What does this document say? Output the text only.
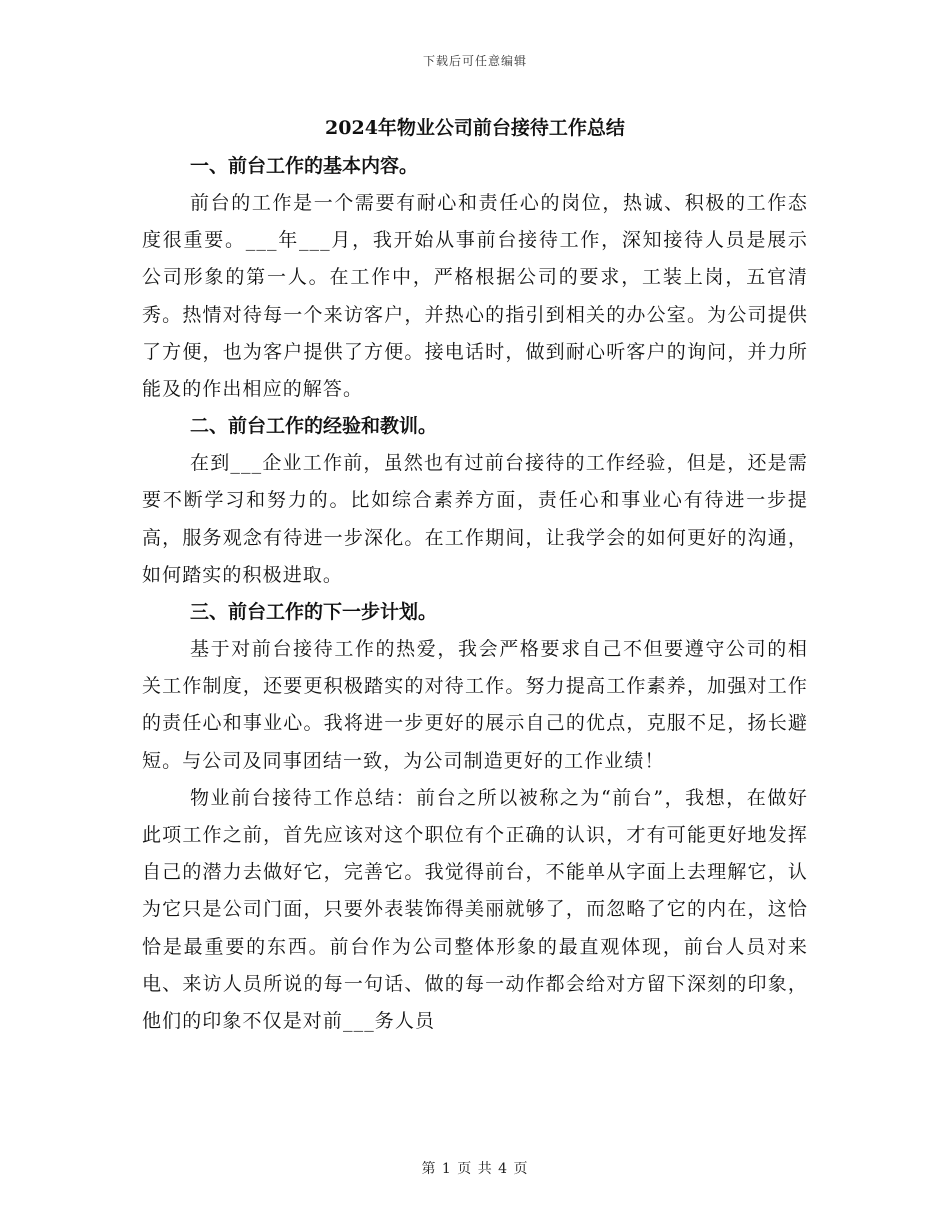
下载后可任意编辑
2024年物业公司前台接待工作总结
一、前台工作的基本内容。

前台的工作是一个需要有耐心和责任心的岗位，热诚、积极的工作态度很重要。___年___月，我开始从事前台接待工作，深知接待人员是展示公司形象的第一人。在工作中，严格根据公司的要求，工装上岗，五官清秀。热情对待每一个来访客户，并热心的指引到相关的办公室。为公司提供了方便，也为客户提供了方便。接电话时，做到耐心听客户的询问，并力所能及的作出相应的解答。

二、前台工作的经验和教训。

在到___企业工作前，虽然也有过前台接待的工作经验，但是，还是需要不断学习和努力的。比如综合素养方面，责任心和事业心有待进一步提高，服务观念有待进一步深化。在工作期间，让我学会的如何更好的沟通，如何踏实的积极进取。

三、前台工作的下一步计划。

基于对前台接待工作的热爱，我会严格要求自己不但要遵守公司的相关工作制度，还要更积极踏实的对待工作。努力提高工作素养，加强对工作的责任心和事业心。我将进一步更好的展示自己的优点，克服不足，扬长避短。与公司及同事团结一致，为公司制造更好的工作业绩！

物业前台接待工作总结：前台之所以被称之为“前台”，我想，在做好此项工作之前，首先应该对这个职位有个正确的认识，才有可能更好地发挥自己的潜力去做好它，完善它。我觉得前台，不能单从字面上去理解它，认为它只是公司门面，只要外表装饰得美丽就够了，而忽略了它的内在，这恰恰是最重要的东西。前台作为公司整体形象的最直观体现，前台人员对来电、来访人员所说的每一句话、做的每一动作都会给对方留下深刻的印象，他们的印象不仅是对前___务人员

第 1 页 共 4 页
